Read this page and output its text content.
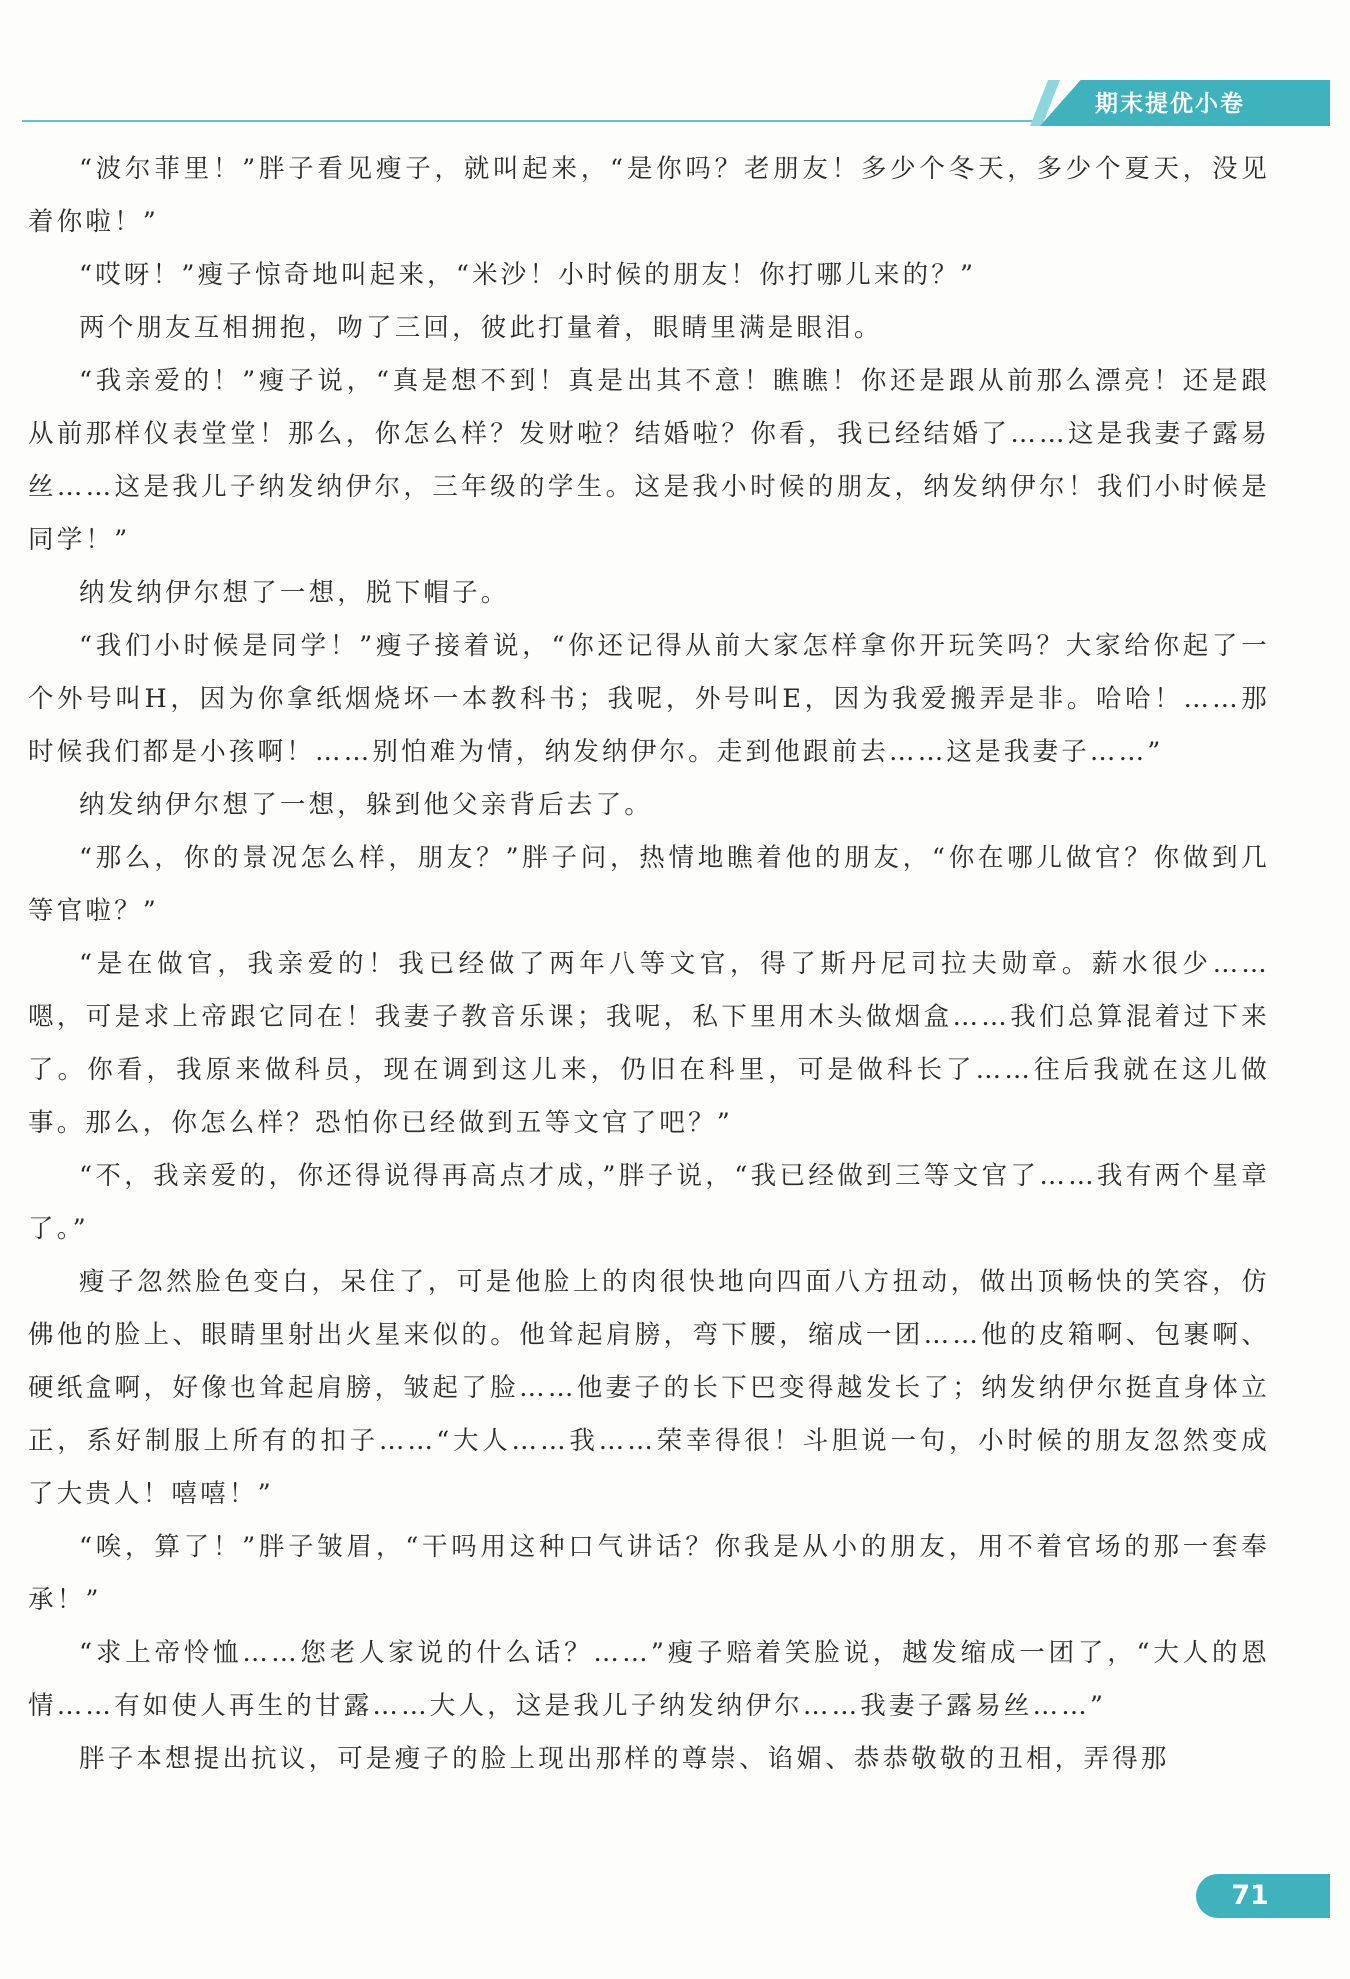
期末提优小卷

“波尔菲里！”胖子看见瘦子，就叫起来，“是你吗？老朋友！多少个冬天，多少个夏天，没见着你啦！”

“哎呀！”瘦子惊奇地叫起来，“米沙！小时候的朋友！你打哪儿来的？”

两个朋友互相拥抱，吻了三回，彼此打量着，眼睛里满是眼泪。

“我亲爱的！”瘦子说，“真是想不到！真是出其不意！瞧瞧！你还是跟从前那么漂亮！还是跟从前那样仪表堂堂！那么，你怎么样？发财啦？结婚啦？你看，我已经结婚了……这是我妻子露易丝……这是我儿子纳发纳伊尔，三年级的学生。这是我小时候的朋友，纳发纳伊尔！我们小时候是同学！”

纳发纳伊尔想了一想，脱下帽子。

“我们小时候是同学！”瘦子接着说，“你还记得从前大家怎样拿你开玩笑吗？大家给你起了一个外号叫H，因为你拿纸烟烧坏一本教科书；我呢，外号叫E，因为我爱搬弄是非。哈哈！……那时候我们都是小孩啊！……别怕难为情，纳发纳伊尔。走到他跟前去……这是我妻子……”

纳发纳伊尔想了一想，躲到他父亲背后去了。

“那么，你的景况怎么样，朋友？”胖子问，热情地瞧着他的朋友，“你在哪儿做官？你做到几等官啦？”

“是在做官，我亲爱的！我已经做了两年八等文官，得了斯丹尼司拉夫勋章。薪水很少……嗯，可是求上帝跟它同在！我妻子教音乐课；我呢，私下里用木头做烟盒……我们总算混着过下来了。你看，我原来做科员，现在调到这儿来，仍旧在科里，可是做科长了……往后我就在这儿做事。那么，你怎么样？恐怕你已经做到五等文官了吧？”

“不，我亲爱的，你还得说得再高点才成，”胖子说，“我已经做到三等文官了……我有两个星章了。”

瘦子忽然脸色变白，呆住了，可是他脸上的肉很快地向四面八方扭动，做出顶畅快的笑容，仿佛他的脸上、眼睛里射出火星来似的。他耸起肩膀，弯下腰，缩成一团……他的皮箱啊、包裹啊、硬纸盒啊，好像也耸起肩膀，皱起了脸……他妻子的长下巴变得越发长了；纳发纳伊尔挺直身体立正，系好制服上所有的扣子……“大人……我……荣幸得很！斗胆说一句，小时候的朋友忽然变成了大贵人！嘻嘻！”

“唉，算了！”胖子皱眉，“干吗用这种口气讲话？你我是从小的朋友，用不着官场的那一套奉承！”

“求上帝怜恤……您老人家说的什么话？……”瘦子赔着笑脸说，越发缩成一团了，“大人的恩情……有如使人再生的甘露……大人，这是我儿子纳发纳伊尔……我妻子露易丝……”

胖子本想提出抗议，可是瘦子的脸上现出那样的尊崇、谄媚、恭恭敬敬的丑相，弄得那

71
